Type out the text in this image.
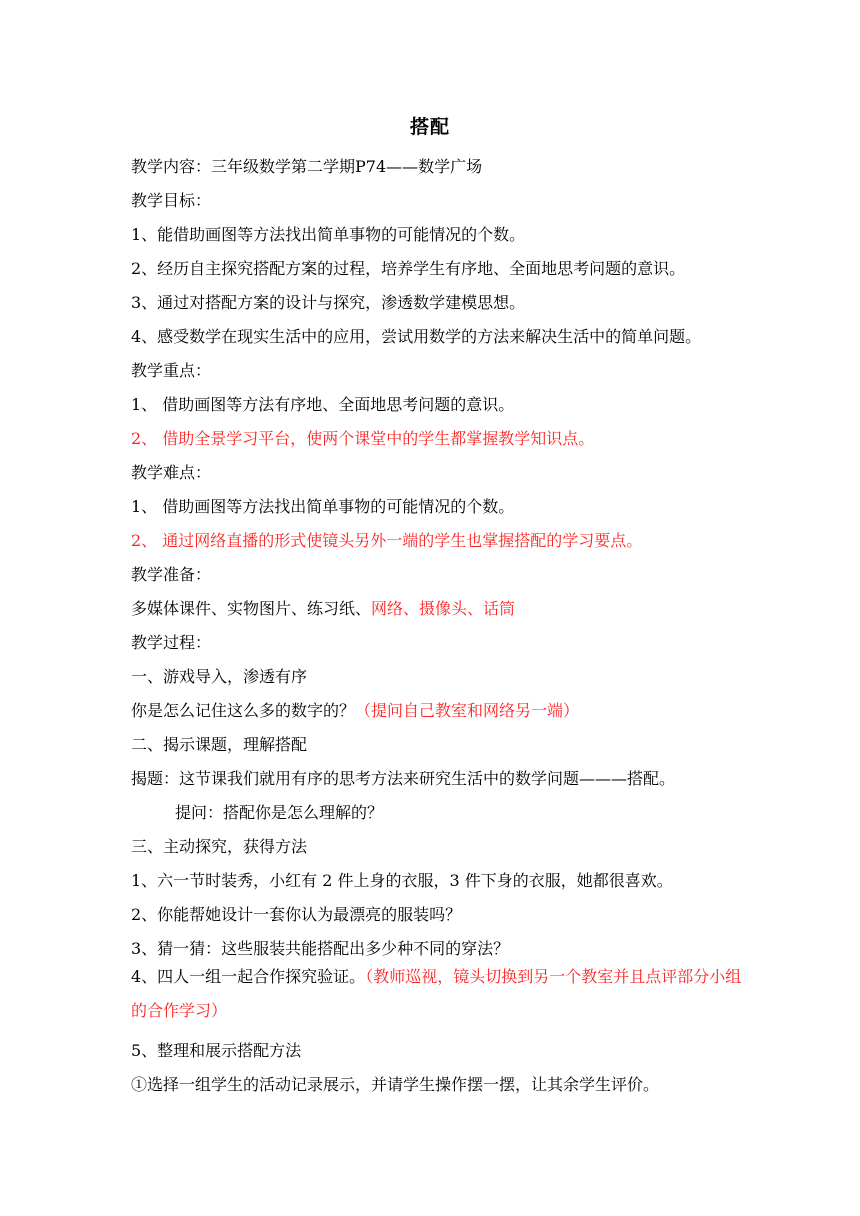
搭配
教学内容：三年级数学第二学期P74——数学广场
教学目标：
1、能借助画图等方法找出简单事物的可能情况的个数。
2、经历自主探究搭配方案的过程，培养学生有序地、全面地思考问题的意识。
3、通过对搭配方案的设计与探究，渗透数学建模思想。
4、感受数学在现实生活中的应用，尝试用数学的方法来解决生活中的简单问题。
教学重点：
1、 借助画图等方法有序地、全面地思考问题的意识。
2、 借助全景学习平台，使两个课堂中的学生都掌握教学知识点。
教学难点：
1、 借助画图等方法找出简单事物的可能情况的个数。
2、 通过网络直播的形式使镜头另外一端的学生也掌握搭配的学习要点。
教学准备：
多媒体课件、实物图片、练习纸、网络、摄像头、话筒
教学过程：
一、游戏导入，渗透有序
你是怎么记住这么多的数字的？（提问自己教室和网络另一端）
二、揭示课题，理解搭配
揭题：这节课我们就用有序的思考方法来研究生活中的数学问题———搭配。
提问：搭配你是怎么理解的？
三、主动探究，获得方法
1、六一节时装秀，小红有 2 件上身的衣服，3 件下身的衣服，她都很喜欢。
2、你能帮她设计一套你认为最漂亮的服装吗？
3、猜一猜：这些服装共能搭配出多少种不同的穿法？
4、四人一组一起合作探究验证。（教师巡视，镜头切换到另一个教室并且点评部分小组的合作学习）
5、整理和展示搭配方法
①选择一组学生的活动记录展示，并请学生操作摆一摆，让其余学生评价。
